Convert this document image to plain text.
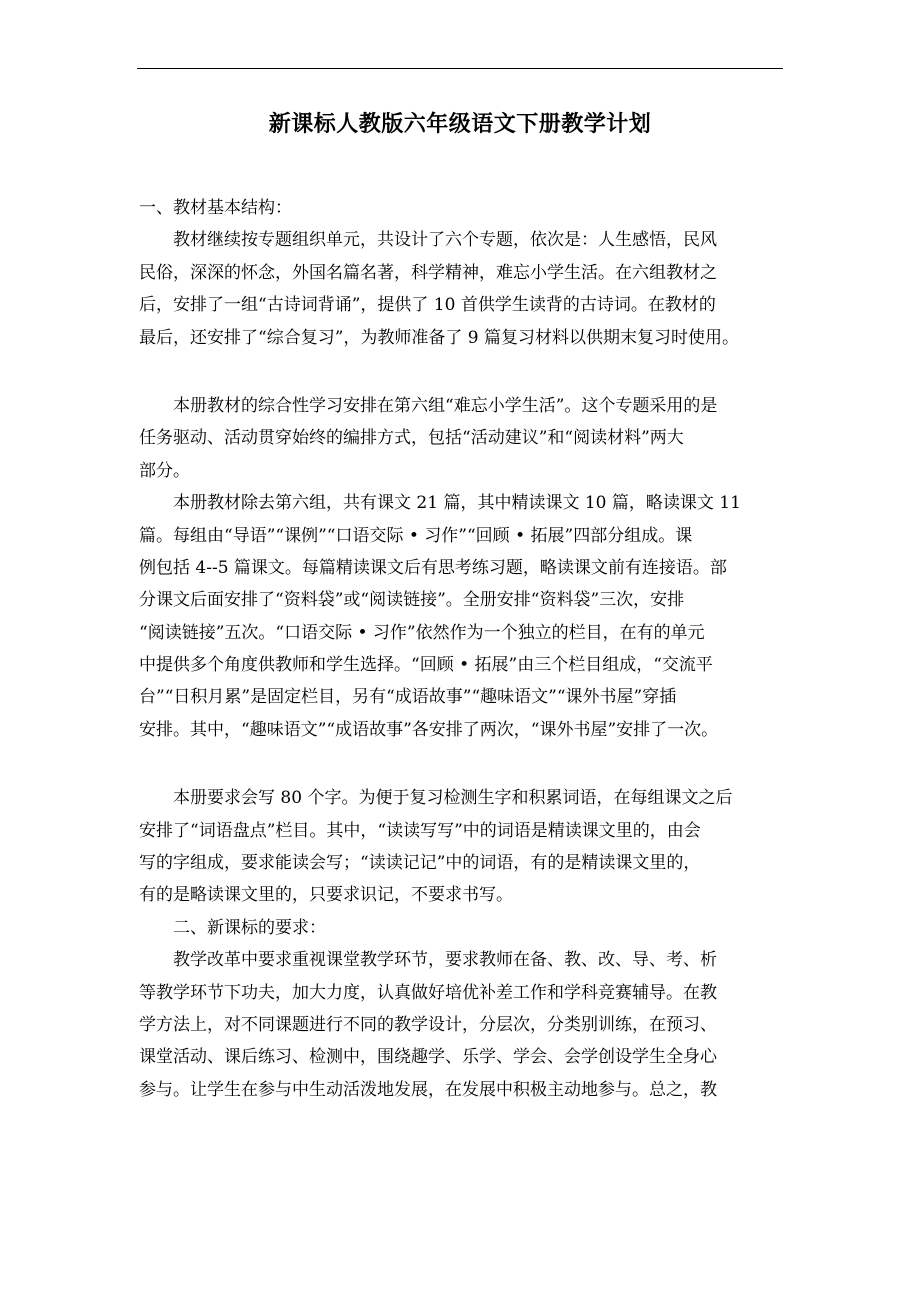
新课标人教版六年级语文下册教学计划
一、教材基本结构：
教材继续按专题组织单元，共设计了六个专题，依次是：人生感悟，民风
民俗，深深的怀念，外国名篇名著，科学精神，难忘小学生活。在六组教材之
后，安排了一组“古诗词背诵”，提供了 10 首供学生读背的古诗词。在教材的
最后，还安排了“综合复习”，为教师准备了 9 篇复习材料以供期末复习时使用。
本册教材的综合性学习安排在第六组“难忘小学生活”。这个专题采用的是
任务驱动、活动贯穿始终的编排方式，包括“活动建议”和“阅读材料”两大
部分。
本册教材除去第六组，共有课文 21 篇，其中精读课文 10 篇，略读课文 11
篇。每组由“导语”“课例”“口语交际 • 习作”“回顾 • 拓展”四部分组成。课
例包括 4--5 篇课文。每篇精读课文后有思考练习题，略读课文前有连接语。部
分课文后面安排了“资料袋”或“阅读链接”。全册安排“资料袋”三次，安排
“阅读链接”五次。“口语交际 • 习作”依然作为一个独立的栏目，在有的单元
中提供多个角度供教师和学生选择。“回顾 • 拓展”由三个栏目组成，“交流平
台”“日积月累”是固定栏目，另有“成语故事”“趣味语文”“课外书屋”穿插
安排。其中，“趣味语文”“成语故事”各安排了两次，“课外书屋”安排了一次。
本册要求会写 80 个字。为便于复习检测生字和积累词语，在每组课文之后
安排了“词语盘点”栏目。其中，“读读写写”中的词语是精读课文里的，由会
写的字组成，要求能读会写；“读读记记”中的词语，有的是精读课文里的，
有的是略读课文里的，只要求识记，不要求书写。
二、新课标的要求：
教学改革中要求重视课堂教学环节，要求教师在备、教、改、导、考、析
等教学环节下功夫，加大力度，认真做好培优补差工作和学科竞赛辅导。在教
学方法上，对不同课题进行不同的教学设计，分层次，分类别训练，在预习、
课堂活动、课后练习、检测中，围绕趣学、乐学、学会、会学创设学生全身心
参与。让学生在参与中生动活泼地发展，在发展中积极主动地参与。总之，教
